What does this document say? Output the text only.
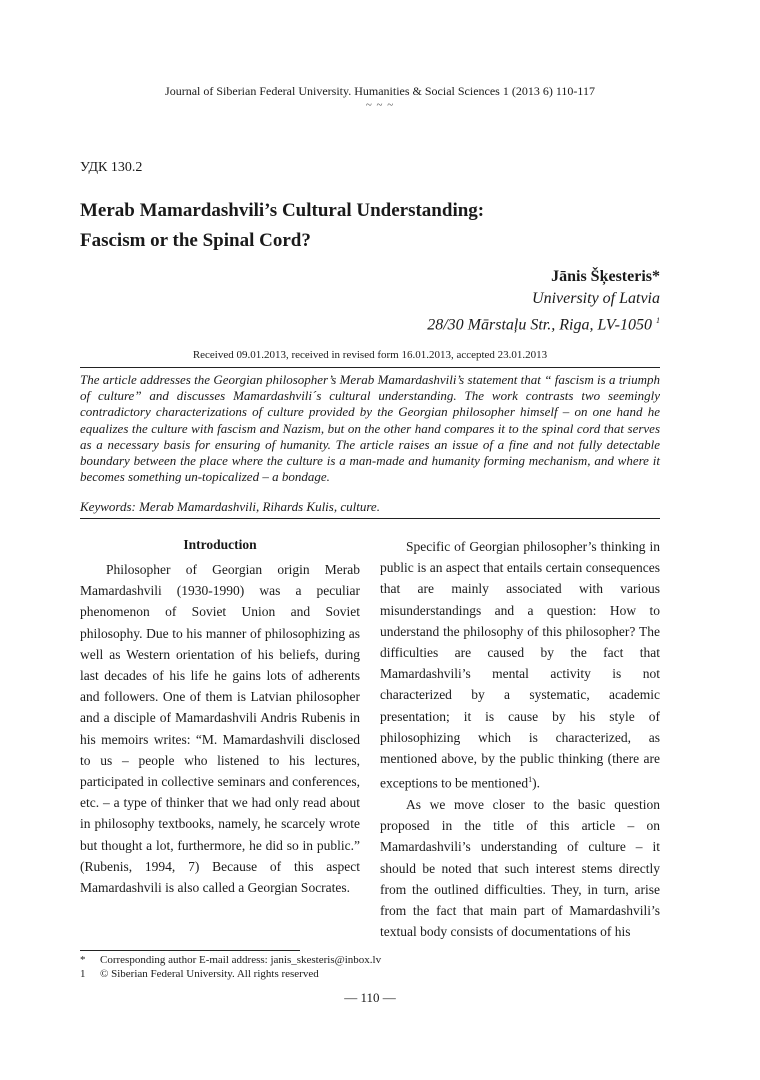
Journal of Siberian Federal University. Humanities & Social Sciences 1 (2013 6) 110-117
~ ~ ~
УДК 130.2
Merab Mamardashvili’s Cultural Understanding:
Fascism or the Spinal Cord?
Jānis Šķesteris*
University of Latvia
28/30 Mārstaļu Str., Riga, LV-1050 $^1$
Received 09.01.2013, received in revised form 16.01.2013, accepted 23.01.2013
The article addresses the Georgian philosopher’s Merab Mamardashvili’s statement that “ fascism is a triumph of culture” and discusses Mamardashvili´s cultural understanding. The work contrasts two seemingly contradictory characterizations of culture provided by the Georgian philosopher himself – on one hand he equalizes the culture with fascism and Nazism, but on the other hand compares it to the spinal cord that serves as a necessary basis for ensuring of humanity. The article raises an issue of a fine and not fully detectable boundary between the place where the culture is a man-made and humanity forming mechanism, and where it becomes something un-topicalized – a bondage.
Keywords: Merab Mamardashvili, Rihards Kulis, culture.
Introduction

Philosopher of Georgian origin Merab Mamardashvili (1930-1990) was a peculiar phenomenon of Soviet Union and Soviet philosophy. Due to his manner of philosophizing as well as Western orientation of his beliefs, during last decades of his life he gains lots of adherents and followers. One of them is Latvian philosopher and a disciple of Mamardashvili Andris Rubenis in his memoirs writes: “M. Mamardashvili disclosed to us – people who listened to his lectures, participated in collective seminars and conferences, etc. – a type of thinker that we had only read about in philosophy textbooks, namely, he scarcely wrote but thought a lot, furthermore, he did so in public.” (Rubenis, 1994, 7) Because of this aspect Mamardashvili is also called a Georgian Socrates.

Specific of Georgian philosopher’s thinking in public is an aspect that entails certain consequences that are mainly associated with various misunderstandings and a question: How to understand the philosophy of this philosopher? The difficulties are caused by the fact that Mamardashvili’s mental activity is not characterized by a systematic, academic presentation; it is cause by his style of philosophizing which is characterized, as mentioned above, by the public thinking (there are exceptions to be mentioned$^1$).

As we move closer to the basic question proposed in the title of this article – on Mamardashvili’s understanding of culture – it should be noted that such interest stems directly from the outlined difficulties. They, in turn, arise from the fact that main part of Mamardashvili’s textual body consists of documentations of his

*	Corresponding author E-mail address: janis_skesteris@inbox.lv
1	© Siberian Federal University. All rights reserved
— 110 —
